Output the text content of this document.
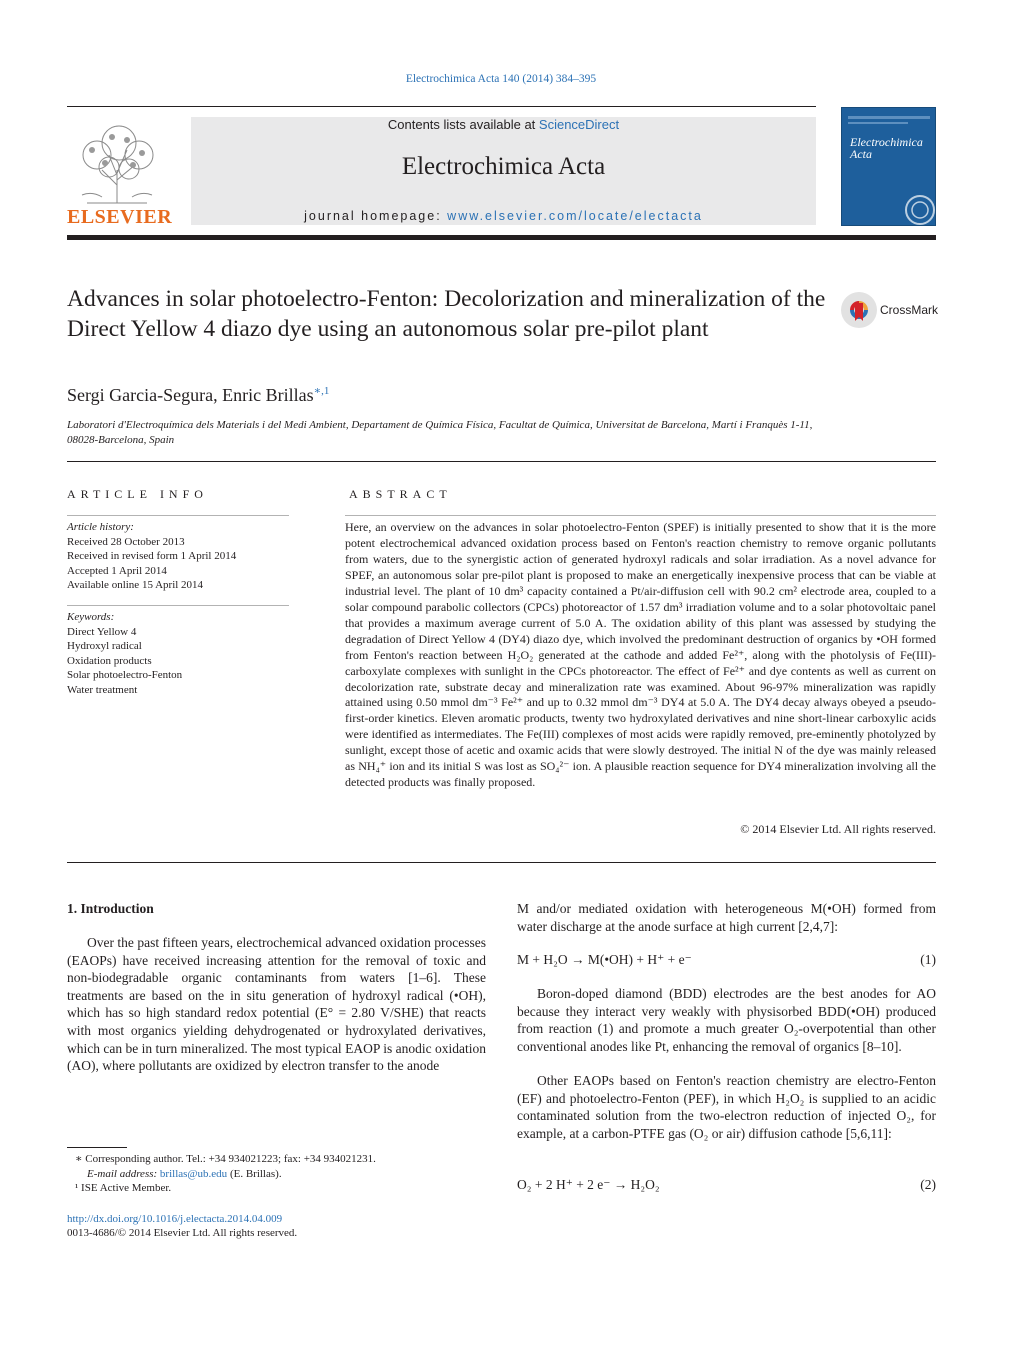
Electrochimica Acta 140 (2014) 384–395
ELSEVIER
Contents lists available at ScienceDirect
Electrochimica Acta
journal homepage: www.elsevier.com/locate/electacta
Electrochimica Acta
Advances in solar photoelectro-Fenton: Decolorization and mineralization of the Direct Yellow 4 diazo dye using an autonomous solar pre-pilot plant
CrossMark
Sergi Garcia-Segura, Enric Brillas$^{∗,1}$
Laboratori d'Electroquímica dels Materials i del Medi Ambient, Departament de Química Física, Facultat de Química, Universitat de Barcelona, Martí i Franquès 1-11, 08028-Barcelona, Spain
ARTICLE INFO	ABSTRACT
Article history:
Received 28 October 2013
Received in revised form 1 April 2014
Accepted 1 April 2014
Available online 15 April 2014
Keywords:
Direct Yellow 4
Hydroxyl radical
Oxidation products
Solar photoelectro-Fenton
Water treatment
Here, an overview on the advances in solar photoelectro-Fenton (SPEF) is initially presented to show that it is the more potent electrochemical advanced oxidation process based on Fenton's reaction chemistry to remove organic pollutants from waters, due to the synergistic action of generated hydroxyl radicals and solar irradiation. As a novel advance for SPEF, an autonomous solar pre-pilot plant is proposed to make an energetically inexpensive process that can be viable at industrial level. The plant of 10 dm³ capacity contained a Pt/air-diffusion cell with 90.2 cm² electrode area, coupled to a solar compound parabolic collectors (CPCs) photoreactor of 1.57 dm³ irradiation volume and to a solar photovoltaic panel that provides a maximum average current of 5.0 A. The oxidation ability of this plant was assessed by studying the degradation of Direct Yellow 4 (DY4) diazo dye, which involved the predominant destruction of organics by •OH formed from Fenton's reaction between H₂O₂ generated at the cathode and added Fe²⁺, along with the photolysis of Fe(III)-carboxylate complexes with sunlight in the CPCs photoreactor. The effect of Fe²⁺ and dye contents as well as current on decolorization rate, substrate decay and mineralization rate was examined. About 96-97% mineralization was rapidly attained using 0.50 mmol dm⁻³ Fe²⁺ and up to 0.32 mmol dm⁻³ DY4 at 5.0 A. The DY4 decay always obeyed a pseudo-first-order kinetics. Eleven aromatic products, twenty two hydroxylated derivatives and nine short-linear carboxylic acids were identified as intermediates. The Fe(III) complexes of most acids were rapidly removed, pre-eminently photolyzed by sunlight, except those of acetic and oxamic acids that were slowly destroyed. The initial N of the dye was mainly released as NH₄⁺ ion and its initial S was lost as SO₄²⁻ ion. A plausible reaction sequence for DY4 mineralization involving all the detected products was finally proposed.
© 2014 Elsevier Ltd. All rights reserved.
1. Introduction
Over the past fifteen years, electrochemical advanced oxidation processes (EAOPs) have received increasing attention for the removal of toxic and non-biodegradable organic contaminants from waters [1–6]. These treatments are based on the in situ generation of hydroxyl radical (•OH), which has so high standard redox potential (E° = 2.80 V/SHE) that reacts with most organics yielding dehydrogenated or hydroxylated derivatives, which can be in turn mineralized. The most typical EAOP is anodic oxidation (AO), where pollutants are oxidized by electron transfer to the anode
M and/or mediated oxidation with heterogeneous M(•OH) formed from water discharge at the anode surface at high current [2,4,7]:
M + H₂O → M(•OH) + H⁺ + e⁻	(1)
Boron-doped diamond (BDD) electrodes are the best anodes for AO because they interact very weakly with physisorbed BDD(•OH) produced from reaction (1) and promote a much greater O₂-overpotential than other conventional anodes like Pt, enhancing the removal of organics [8–10].
Other EAOPs based on Fenton's reaction chemistry are electro-Fenton (EF) and photoelectro-Fenton (PEF), in which H₂O₂ is supplied to an acidic contaminated solution from the two-electron reduction of injected O₂, for example, at a carbon-PTFE gas (O₂ or air) diffusion cathode [5,6,11]:
O₂ + 2 H⁺ + 2 e⁻ → H₂O₂	(2)
∗ Corresponding author. Tel.: +34 934021223; fax: +34 934021231.
E-mail address: brillas@ub.edu (E. Brillas).
¹ ISE Active Member.
http://dx.doi.org/10.1016/j.electacta.2014.04.009
0013-4686/© 2014 Elsevier Ltd. All rights reserved.
